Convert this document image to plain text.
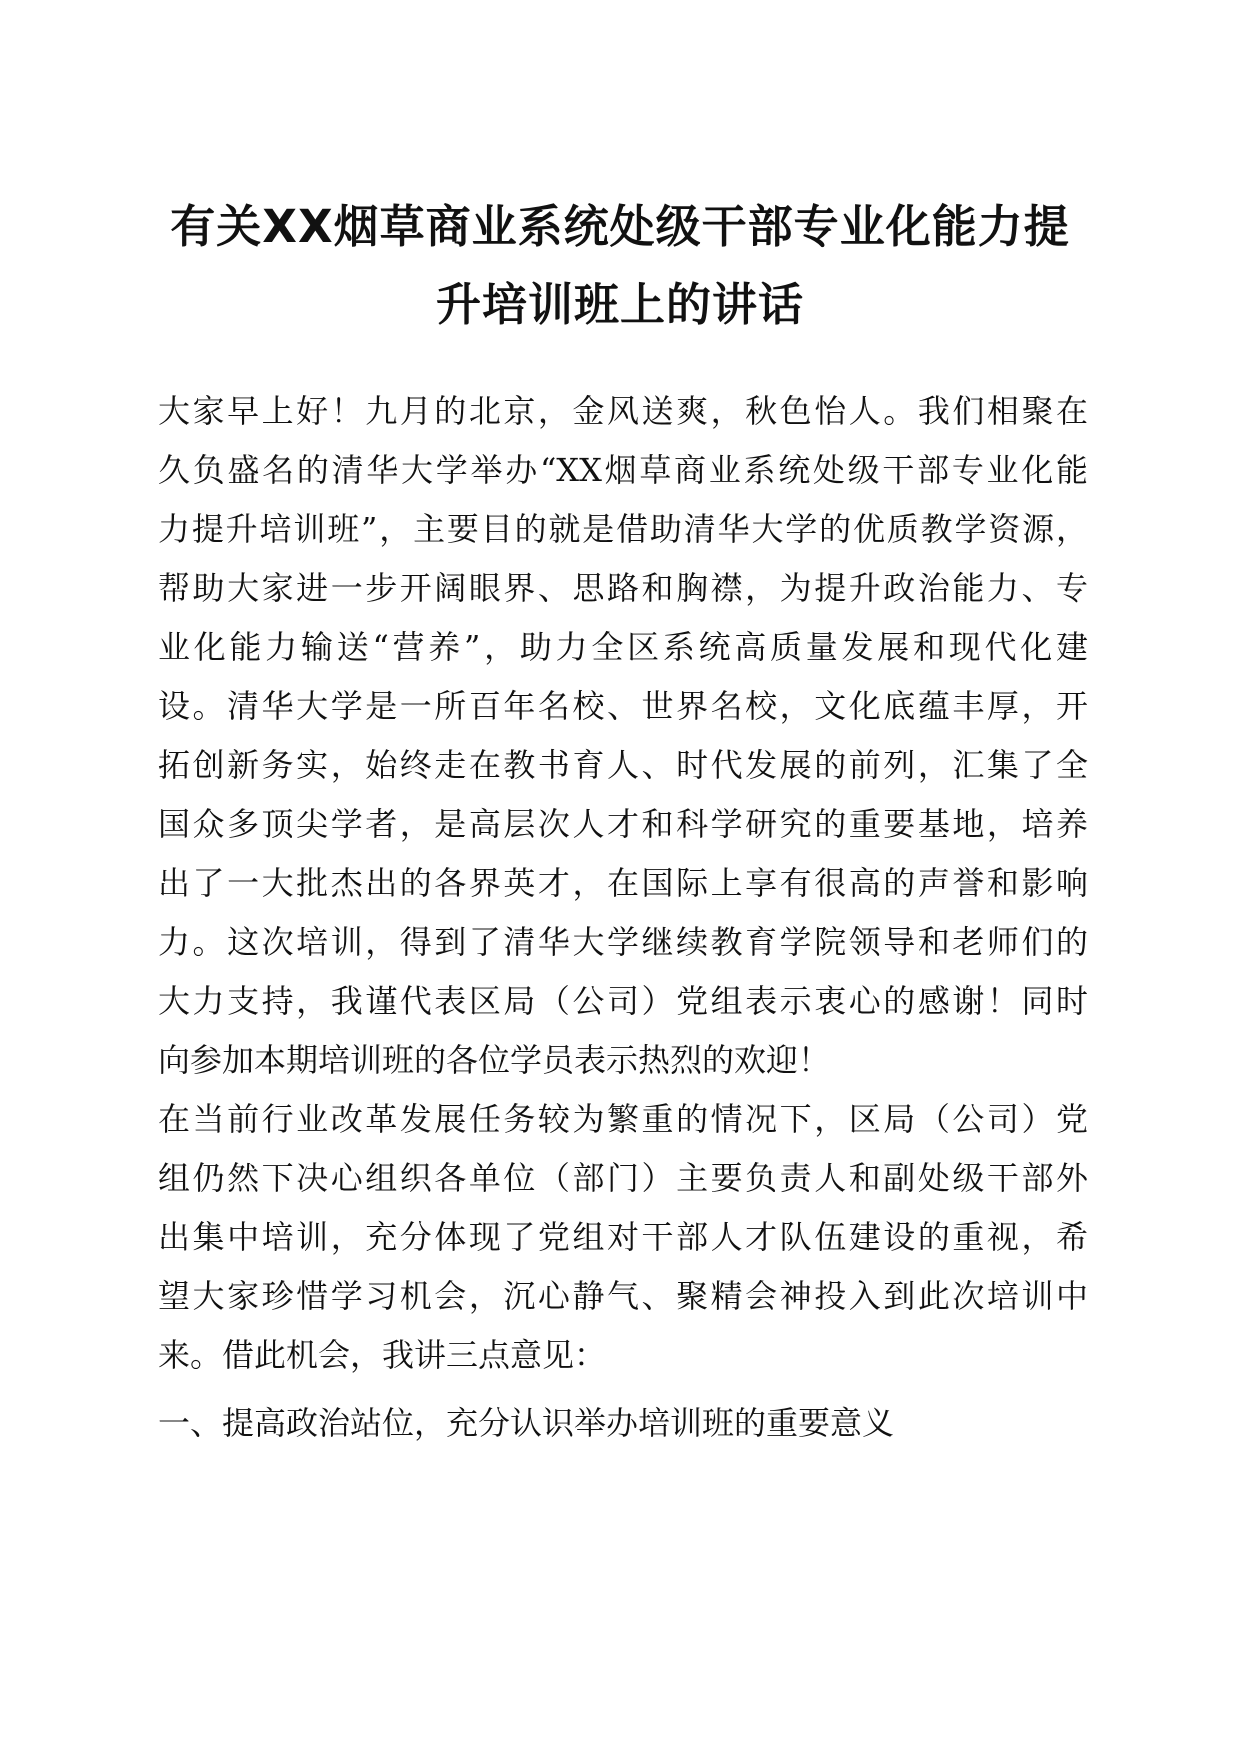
有关XX烟草商业系统处级干部专业化能力提
升培训班上的讲话
大家早上好！九月的北京，金风送爽，秋色怡人。我们相聚在
久负盛名的清华大学举办“XX烟草商业系统处级干部专业化能
力提升培训班”，主要目的就是借助清华大学的优质教学资源，
帮助大家进一步开阔眼界、思路和胸襟，为提升政治能力、专
业化能力输送“营养”，助力全区系统高质量发展和现代化建
设。清华大学是一所百年名校、世界名校，文化底蕴丰厚，开
拓创新务实，始终走在教书育人、时代发展的前列，汇集了全
国众多顶尖学者，是高层次人才和科学研究的重要基地，培养
出了一大批杰出的各界英才，在国际上享有很高的声誉和影响
力。这次培训，得到了清华大学继续教育学院领导和老师们的
大力支持，我谨代表区局（公司）党组表示衷心的感谢！同时
向参加本期培训班的各位学员表示热烈的欢迎！
在当前行业改革发展任务较为繁重的情况下，区局（公司）党
组仍然下决心组织各单位（部门）主要负责人和副处级干部外
出集中培训，充分体现了党组对干部人才队伍建设的重视，希
望大家珍惜学习机会，沉心静气、聚精会神投入到此次培训中
来。借此机会，我讲三点意见：

一、提高政治站位，充分认识举办培训班的重要意义
